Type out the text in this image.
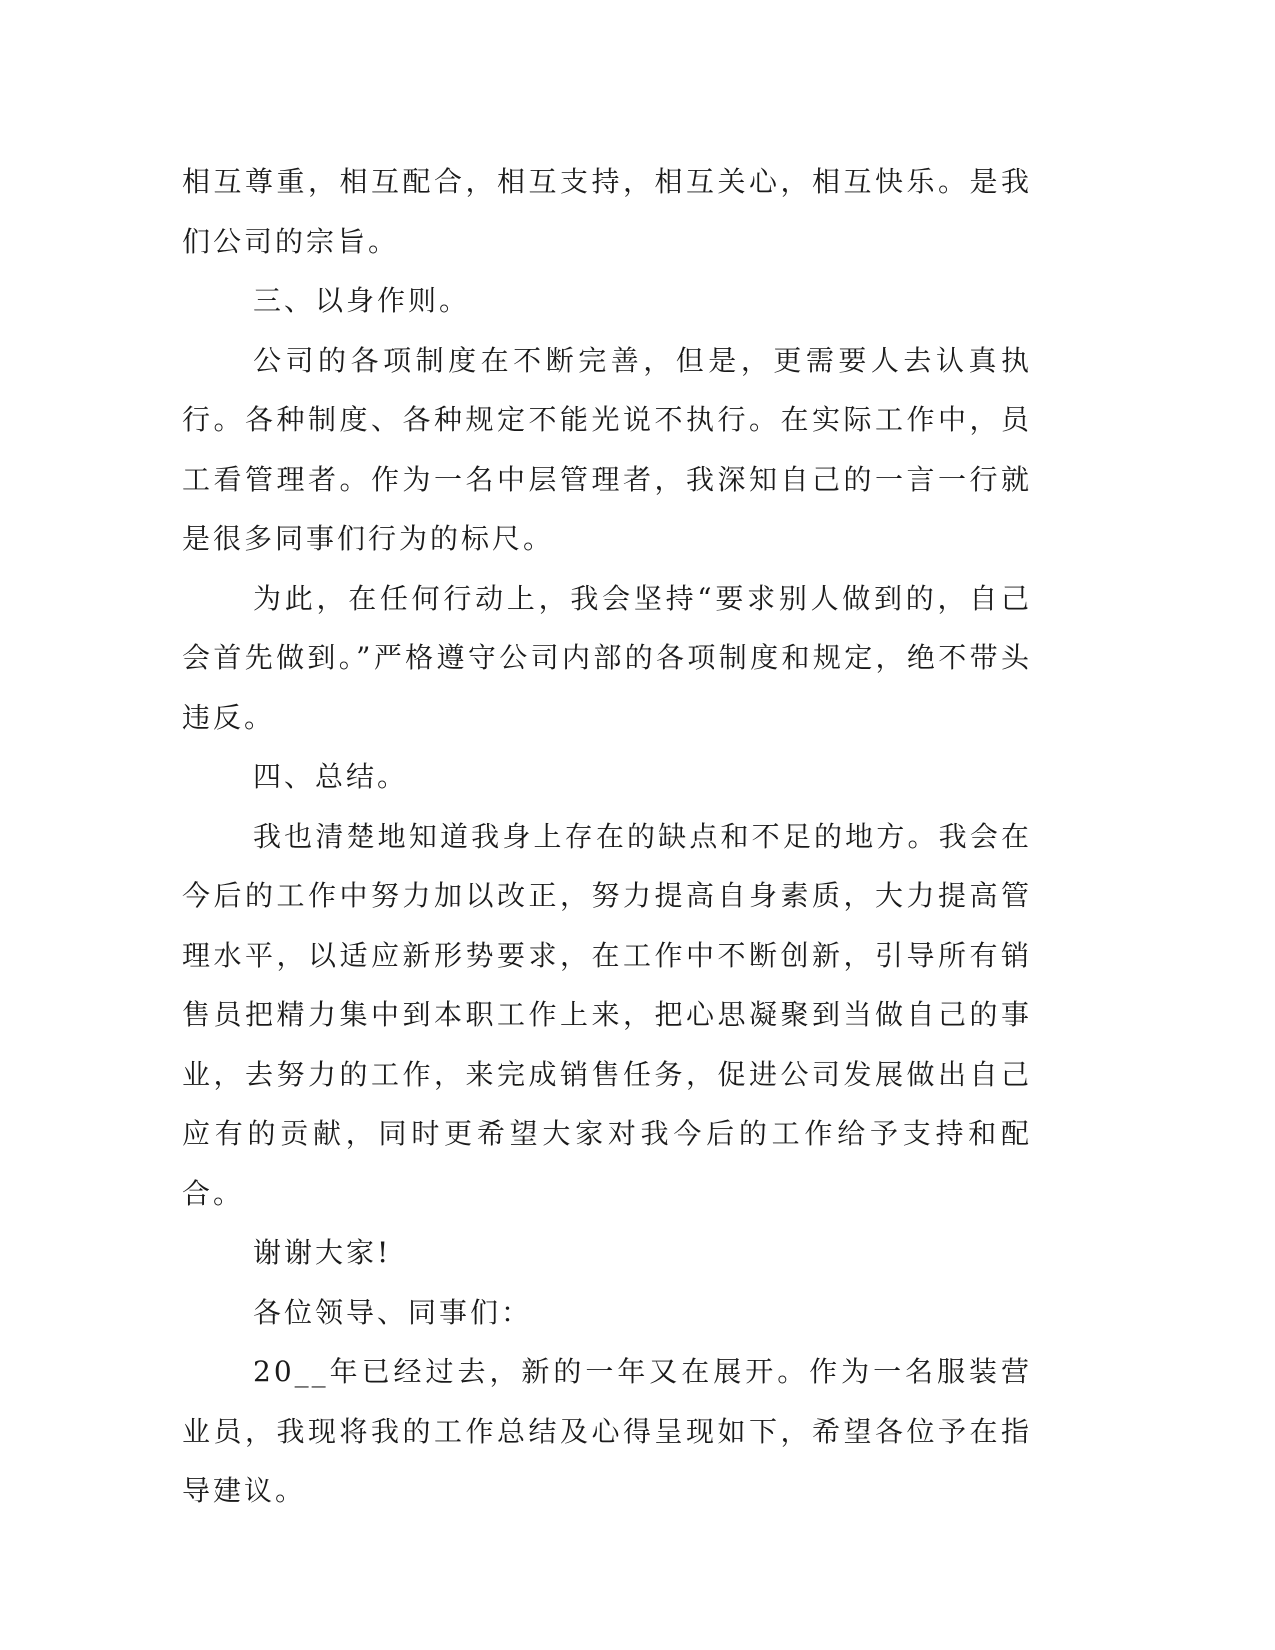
相互尊重，相互配合，相互支持，相互关心，相互快乐。是我们公司的宗旨。

三、以身作则。

公司的各项制度在不断完善，但是，更需要人去认真执行。各种制度、各种规定不能光说不执行。在实际工作中，员工看管理者。作为一名中层管理者，我深知自己的一言一行就是很多同事们行为的标尺。

为此，在任何行动上，我会坚持“要求别人做到的，自己会首先做到。”严格遵守公司内部的各项制度和规定，绝不带头违反。

四、总结。

我也清楚地知道我身上存在的缺点和不足的地方。我会在今后的工作中努力加以改正，努力提高自身素质，大力提高管理水平，以适应新形势要求，在工作中不断创新，引导所有销售员把精力集中到本职工作上来，把心思凝聚到当做自己的事业，去努力的工作，来完成销售任务，促进公司发展做出自己应有的贡献，同时更希望大家对我今后的工作给予支持和配合。

谢谢大家!

各位领导、同事们：

20__年已经过去，新的一年又在展开。作为一名服装营业员，我现将我的工作总结及心得呈现如下，希望各位予在指导建议。
